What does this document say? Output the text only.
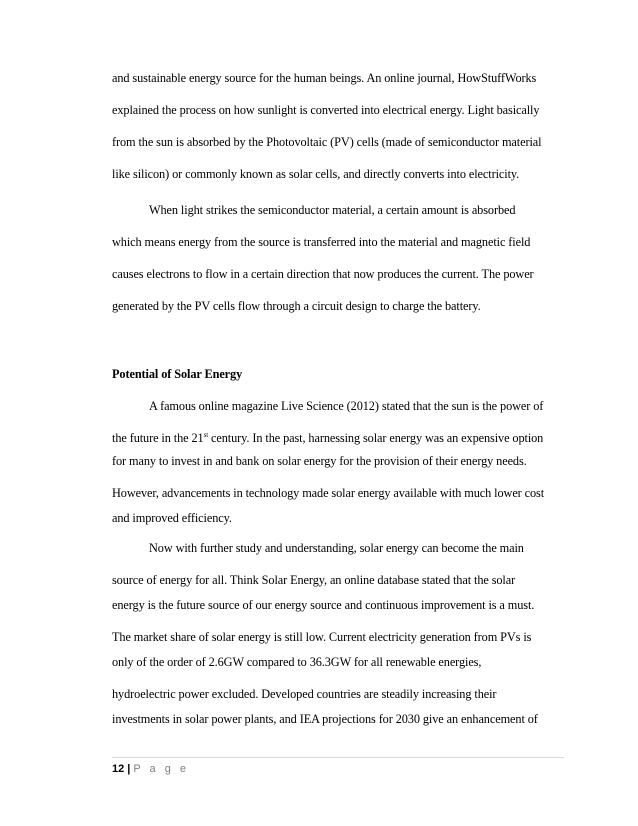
and sustainable energy source for the human beings. An online journal, HowStuffWorks
explained the process on how sunlight is converted into electrical energy. Light basically
from the sun is absorbed by the Photovoltaic (PV) cells (made of semiconductor material
like silicon) or commonly known as solar cells, and directly converts into electricity.
When light strikes the semiconductor material, a certain amount is absorbed
which means energy from the source is transferred into the material and magnetic field
causes electrons to flow in a certain direction that now produces the current. The power
generated by the PV cells flow through a circuit design to charge the battery.
Potential of Solar Energy
A famous online magazine Live Science (2012) stated that the sun is the power of
the future in the 21st century. In the past, harnessing solar energy was an expensive option
for many to invest in and bank on solar energy for the provision of their energy needs.
However, advancements in technology made solar energy available with much lower cost
and improved efficiency.
Now with further study and understanding, solar energy can become the main
source of energy for all. Think Solar Energy, an online database stated that the solar
energy is the future source of our energy source and continuous improvement is a must.
The market share of solar energy is still low. Current electricity generation from PVs is
only of the order of 2.6GW compared to 36.3GW for all renewable energies,
hydroelectric power excluded. Developed countries are steadily increasing their
investments in solar power plants, and IEA projections for 2030 give an enhancement of
12 | P a g e
